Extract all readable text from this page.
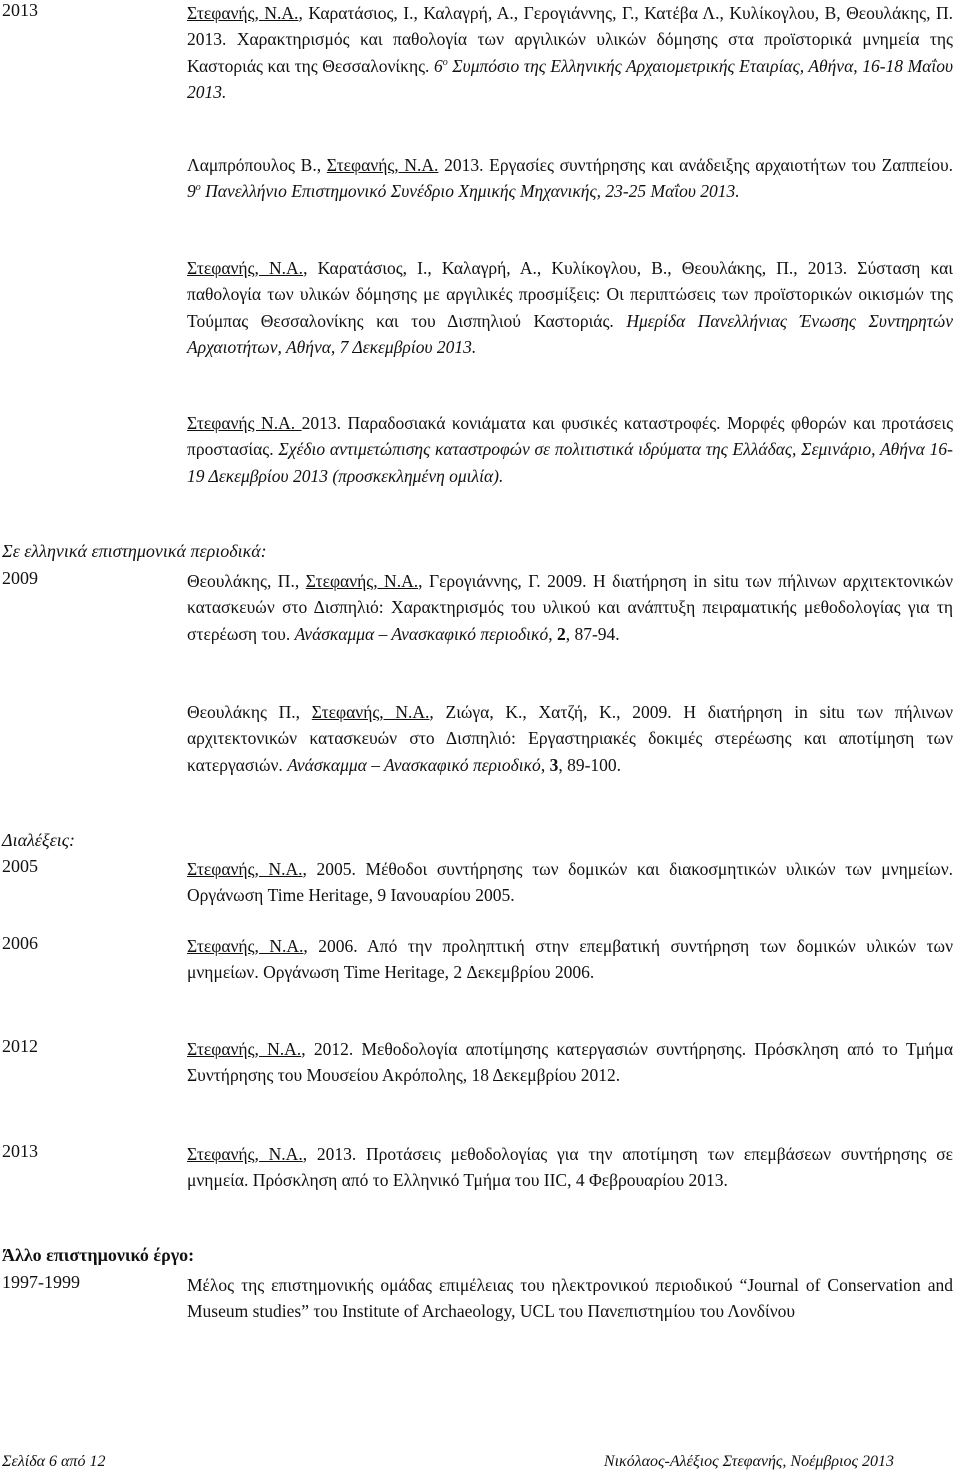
2013	Στεφανής, Ν.Α., Καρατάσιος, Ι., Καλαγρή, Α., Γερογιάννης, Γ., Κατέβα Λ., Κυλίκογλου, Β, Θεουλάκης, Π. 2013. Χαρακτηρισμός και παθολογία των αργιλικών υλικών δόμησης στα προϊστορικά μνημεία της Καστοριάς και της Θεσσαλονίκης. $6^o$ Συμπόσιο της Ελληνικής Αρχαιομετρικής Εταιρίας, Αθήνα, 16-18 Μαΐου 2013.

Λαμπρόπουλος Β., Στεφανής, Ν.Α. 2013. Εργασίες συντήρησης και ανάδειξης αρχαιοτήτων του Ζαππείου. $9^o$ Πανελλήνιο Επιστημονικό Συνέδριο Χημικής Μηχανικής, 23-25 Μαΐου 2013.

Στεφανής, Ν.Α., Καρατάσιος, Ι., Καλαγρή, Α., Κυλίκογλου, Β., Θεουλάκης, Π., 2013. Σύσταση και παθολογία των υλικών δόμησης με αργιλικές προσμίξεις: Οι περιπτώσεις των προϊστορικών οικισμών της Τούμπας Θεσσαλονίκης και του Δισπηλιού Καστοριάς. Ημερίδα Πανελλήνιας Ένωσης Συντηρητών Αρχαιοτήτων, Αθήνα, 7 Δεκεμβρίου 2013.

Στεφανής Ν.Α. 2013. Παραδοσιακά κονιάματα και φυσικές καταστροφές. Μορφές φθορών και προτάσεις προστασίας. Σχέδιο αντιμετώπισης καταστροφών σε πολιτιστικά ιδρύματα της Ελλάδας, Σεμινάριο, Αθήνα 16-19 Δεκεμβρίου 2013 (προσκεκλημένη ομιλία).

Σε ελληνικά επιστημονικά περιοδικά:
2009	Θεουλάκης, Π., Στεφανής, Ν.Α., Γερογιάννης, Γ. 2009. Η διατήρηση in situ των πήλινων αρχιτεκτονικών κατασκευών στο Δισπηλιό: Χαρακτηρισμός του υλικού και ανάπτυξη πειραματικής μεθοδολογίας για τη στερέωση του. Ανάσκαμμα – Ανασκαφικό περιοδικό, 2, 87-94.

Θεουλάκης Π., Στεφανής, Ν.Α., Ζιώγα, Κ., Χατζή, Κ., 2009. Η διατήρηση in situ των πήλινων αρχιτεκτονικών κατασκευών στο Δισπηλιό: Εργαστηριακές δοκιμές στερέωσης και αποτίμηση των κατεργασιών. Ανάσκαμμα – Ανασκαφικό περιοδικό, 3, 89-100.

Διαλέξεις:
2005	Στεφανής, Ν.Α., 2005. Μέθοδοι συντήρησης των δομικών και διακοσμητικών υλικών των μνημείων. Οργάνωση Time Heritage, 9 Ιανουαρίου 2005.

2006	Στεφανής, Ν.Α., 2006. Από την προληπτική στην επεμβατική συντήρηση των δομικών υλικών των μνημείων. Οργάνωση Time Heritage, 2 Δεκεμβρίου 2006.

2012	Στεφανής, Ν.Α., 2012. Μεθοδολογία αποτίμησης κατεργασιών συντήρησης. Πρόσκληση από το Τμήμα Συντήρησης του Μουσείου Ακρόπολης, 18 Δεκεμβρίου 2012.

2013	Στεφανής, Ν.Α., 2013. Προτάσεις μεθοδολογίας για την αποτίμηση των επεμβάσεων συντήρησης σε μνημεία. Πρόσκληση από το Ελληνικό Τμήμα του IIC, 4 Φεβρουαρίου 2013.

Άλλο επιστημονικό έργο:
1997-1999	Μέλος της επιστημονικής ομάδας επιμέλειας του ηλεκτρονικού περιοδικού “Journal of Conservation and Museum studies” του Institute of Archaeology, UCL του Πανεπιστημίου του Λονδίνου

Σελίδα 6 από 12	Νικόλαος-Αλέξιος Στεφανής, Νοέμβριος 2013
